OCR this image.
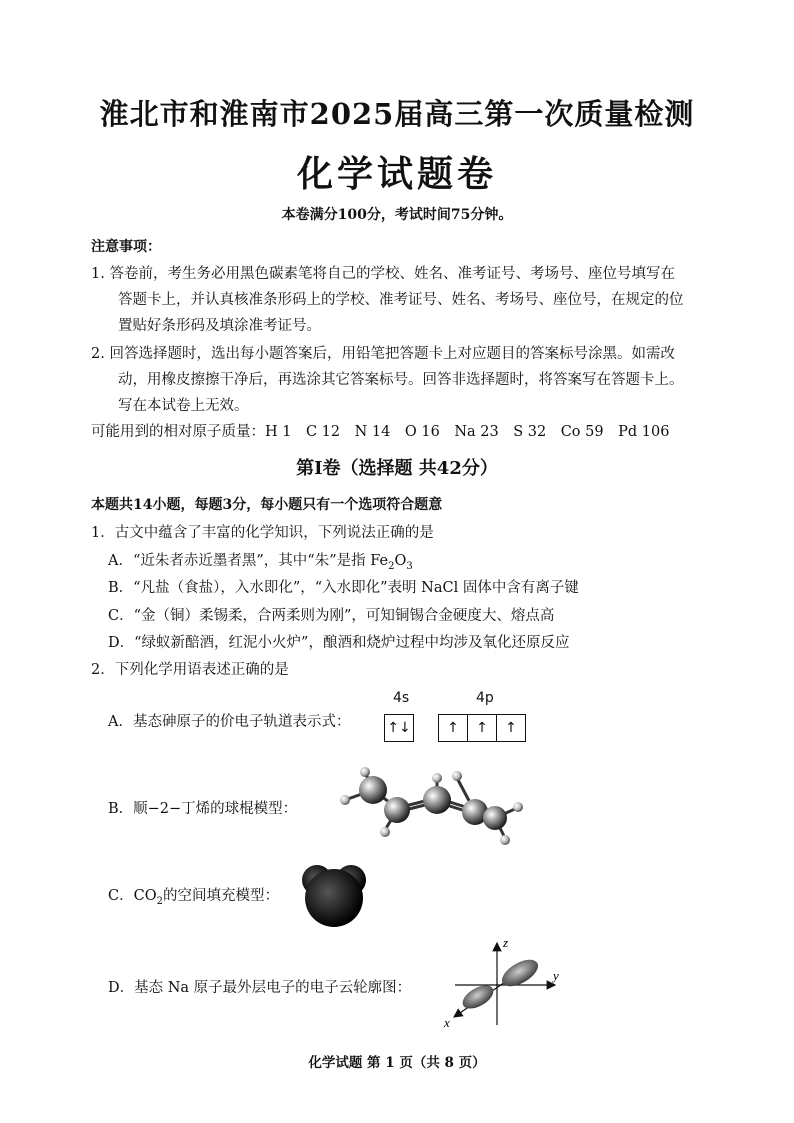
淮北市和淮南市2025届高三第一次质量检测
化学试题卷
本卷满分100分，考试时间75分钟。
注意事项：
1. 答卷前，考生务必用黑色碳素笔将自己的学校、姓名、准考证号、考场号、座位号填写在
答题卡上，并认真核准条形码上的学校、准考证号、姓名、考场号、座位号，在规定的位
置贴好条形码及填涂准考证号。
2. 回答选择题时，选出每小题答案后，用铅笔把答题卡上对应题目的答案标号涂黑。如需改
动，用橡皮擦擦干净后，再选涂其它答案标号。回答非选择题时，将答案写在答题卡上。
写在本试卷上无效。
可能用到的相对原子质量：H 1　C 12　N 14　O 16　Na 23　S 32　Co 59　Pd 106
第Ⅰ卷（选择题 共42分）
本题共14小题，每题3分，每小题只有一个选项符合题意
1．古文中蕴含了丰富的化学知识，下列说法正确的是
A．“近朱者赤近墨者黑”，其中“朱”是指 $Fe_2O_3$
B．“凡盐（食盐），入水即化”，“入水即化”表明 NaCl 固体中含有离子键
C．“金（铜）柔锡柔，合两柔则为刚”，可知铜锡合金硬度大、熔点高
D．“绿蚁新醅酒，红泥小火炉”，酿酒和烧炉过程中均涉及氧化还原反应
2．下列化学用语表述正确的是
A．基态砷原子的价电子轨道表示式：
4s	4p
↑↓	↑	↑	↑
B．顺−2−丁烯的球棍模型：
C．$CO_2$的空间填充模型：
D．基态 Na 原子最外层电子的电子云轮廓图：
z
y
x
化学试题 第 1 页（共 8 页）
